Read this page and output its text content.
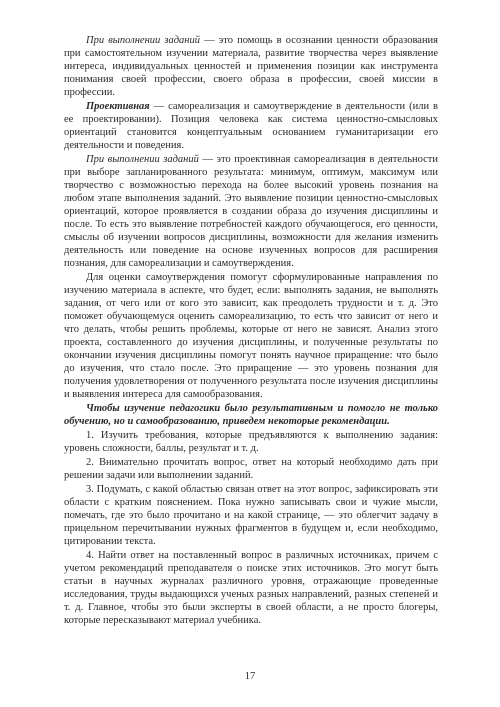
При выполнении заданий — это помощь в осознании ценности образования при самостоятельном изучении материала, развитие творчества через выявление интереса, индивидуальных ценностей и применения позиции как инструмента понимания своей профессии, своего образа в профессии, своей миссии в профессии.

Проективная — самореализация и самоутверждение в деятельности (или в ее проектировании). Позиция человека как система ценностно-смысловых ориентаций становится концептуальным основанием гуманитаризации его деятельности и поведения.

При выполнении заданий — это проективная самореализация в деятельности при выборе запланированного результата: минимум, оптимум, максимум или творчество с возможностью перехода на более высокий уровень познания на любом этапе выполнения заданий. Это выявление позиции ценностно-смысловых ориентаций, которое проявляется в создании образа до изучения дисциплины и после. То есть это выявление потребностей каждого обучающегося, его ценности, смыслы об изучении вопросов дисциплины, возможности для желания изменить деятельность или поведение на основе изученных вопросов для расширения познания, для самореализации и самоутверждения.

Для оценки самоутверждения помогут сформулированные направления по изучению материала в аспекте, что будет, если: выполнять задания, не выполнять задания, от чего или от кого это зависит, как преодолеть трудности и т. д. Это поможет обучающемуся оценить самореализацию, то есть что зависит от него и что делать, чтобы решить проблемы, которые от него не зависят. Анализ этого проекта, составленного до изучения дисциплины, и полученные результаты по окончании изучения дисциплины помогут понять научное приращение: что было до изучения, что стало после. Это приращение — это уровень познания для получения удовлетворения от полученного результата после изучения дисциплины и выявления интереса для самообразования.

Чтобы изучение педагогики было результативным и помогло не только обучению, но и самообразованию, приведем некоторые рекомендации.

1. Изучить требования, которые предъявляются к выполнению задания: уровень сложности, баллы, результат и т. д.

2. Внимательно прочитать вопрос, ответ на который необходимо дать при решении задачи или выполнении заданий.

3. Подумать, с какой областью связан ответ на этот вопрос, зафиксировать эти области с кратким пояснением. Пока нужно записывать свои и чужие мысли, помечать, где это было прочитано и на какой странице, — это облегчит задачу в прицельном перечитывании нужных фрагментов в будущем и, если необходимо, цитировании текста.

4. Найти ответ на поставленный вопрос в различных источниках, причем с учетом рекомендаций преподавателя о поиске этих источников. Это могут быть статьи в научных журналах различного уровня, отражающие проведенные исследования, труды выдающихся ученых разных направлений, разных степеней и т. д. Главное, чтобы это были эксперты в своей области, а не просто блогеры, которые пересказывают материал учебника.

17
